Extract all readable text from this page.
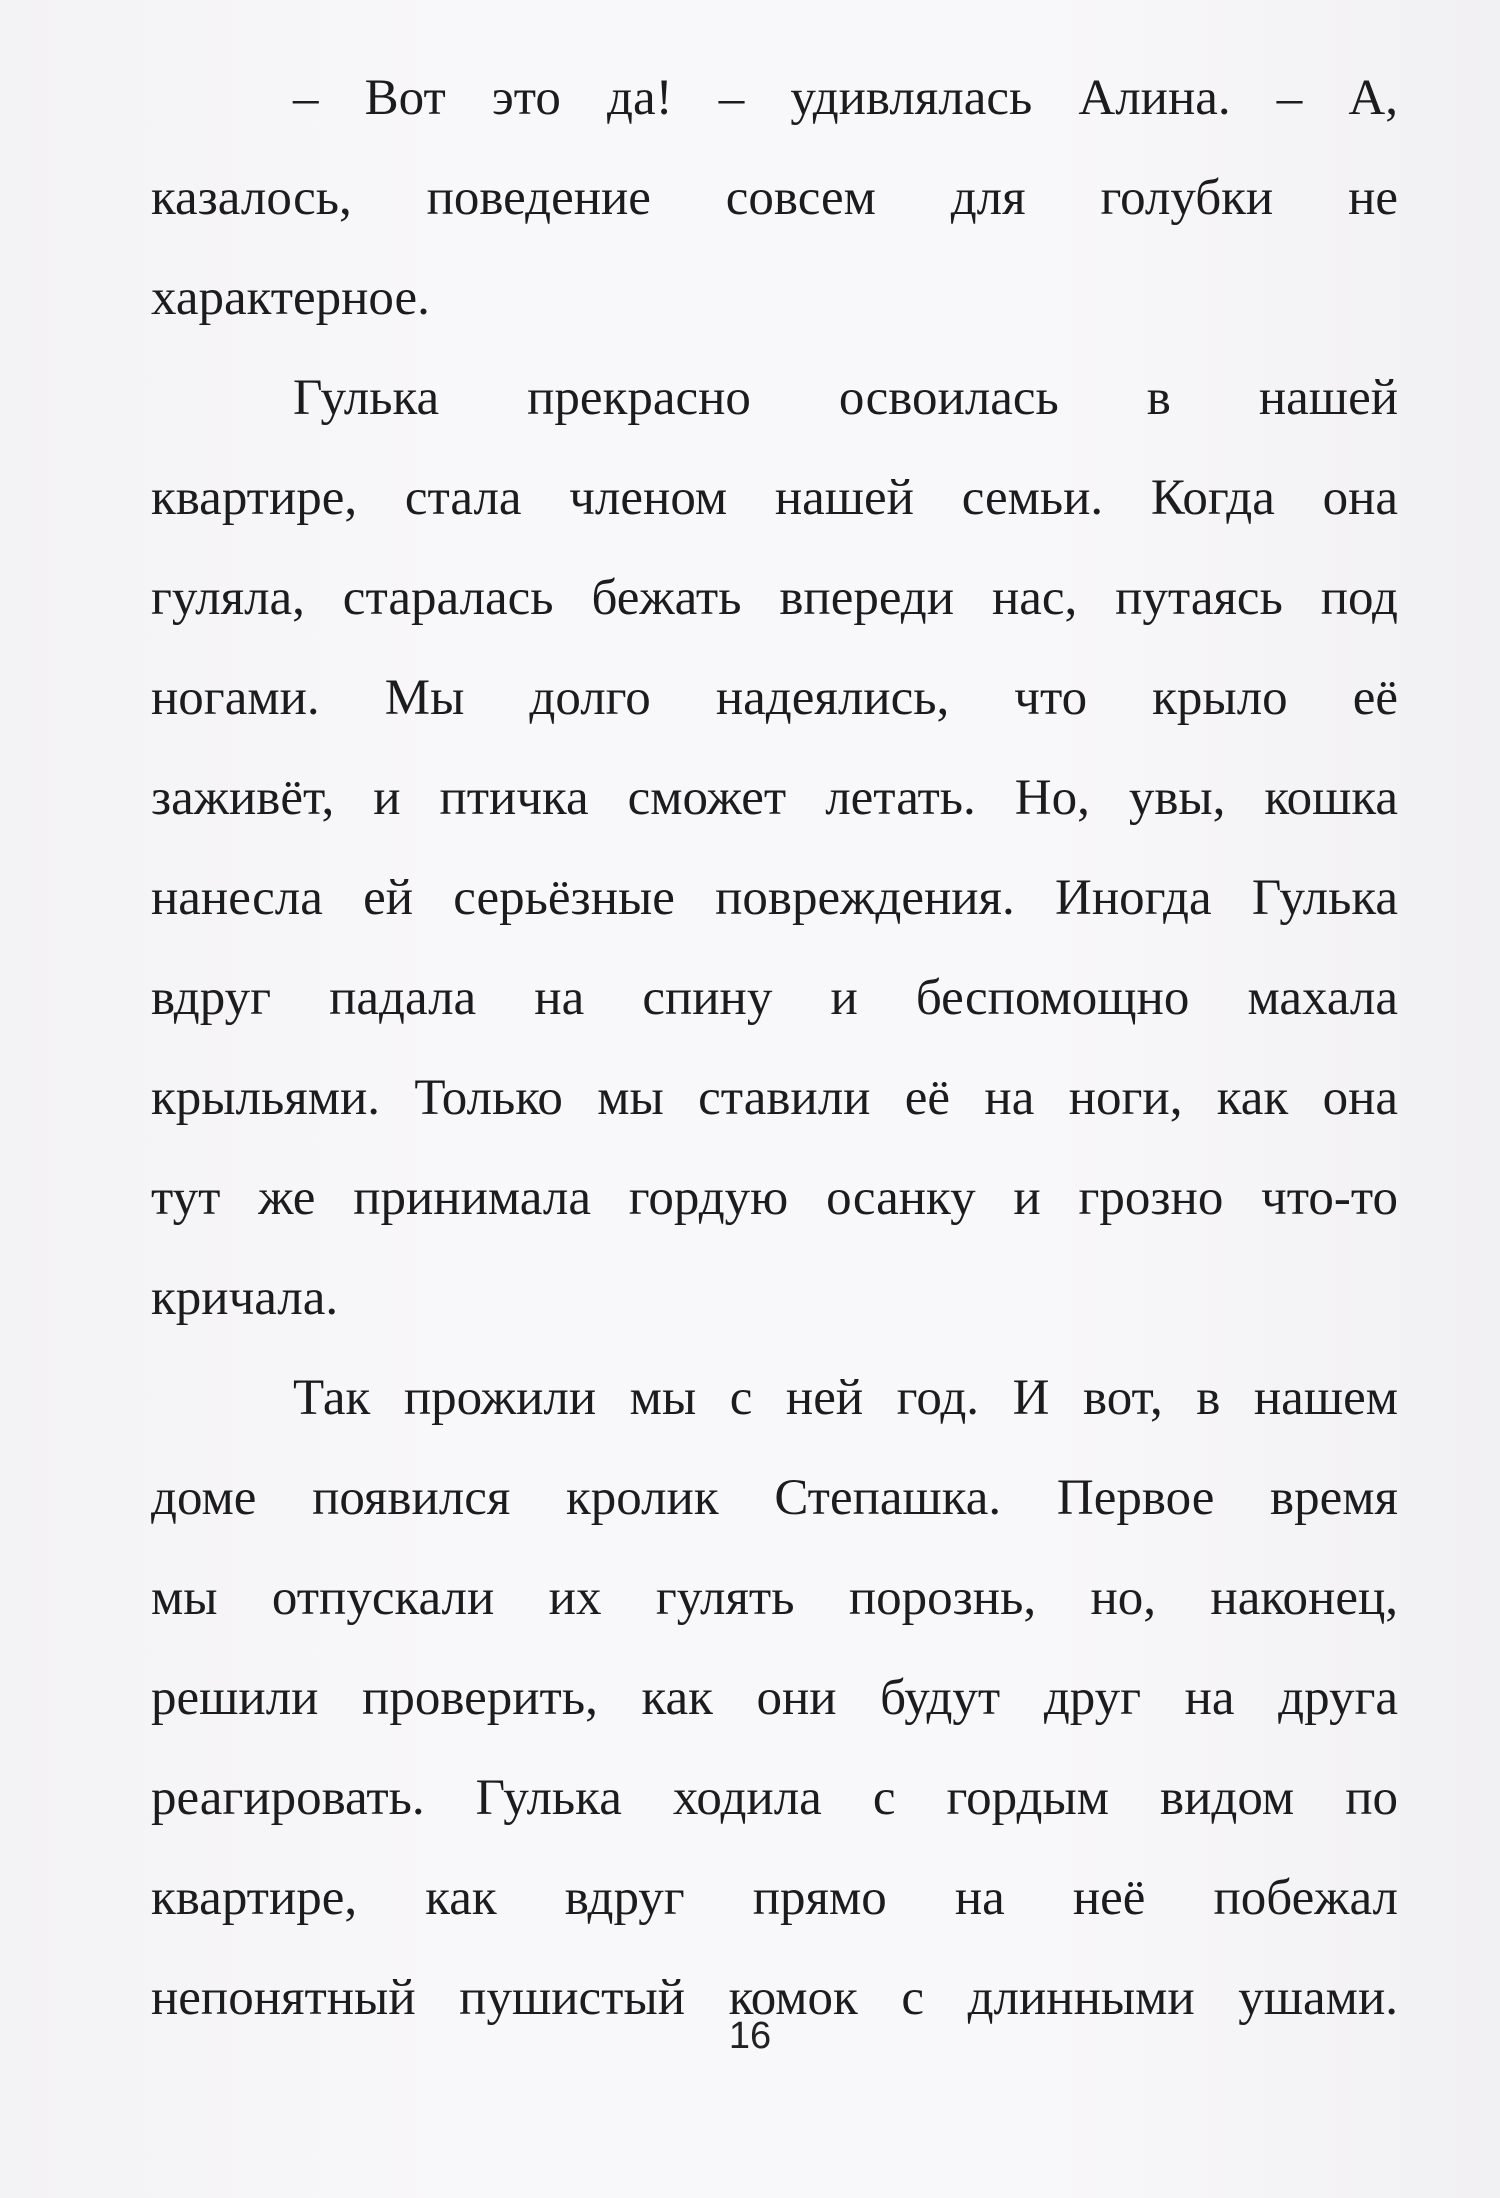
– Вот это да! – удивлялась Алина. – А,
казалось, поведение совсем для голубки не
характерное.
Гулька прекрасно освоилась в нашей
квартире, стала членом нашей семьи. Когда она
гуляла, старалась бежать впереди нас, путаясь под
ногами. Мы долго надеялись, что крыло её
заживёт, и птичка сможет летать. Но, увы, кошка
нанесла ей серьёзные повреждения. Иногда Гулька
вдруг падала на спину и беспомощно махала
крыльями. Только мы ставили её на ноги, как она
тут же принимала гордую осанку и грозно что-то
кричала.
Так прожили мы с ней год. И вот, в нашем
доме появился кролик Степашка. Первое время
мы отпускали их гулять порознь, но, наконец,
решили проверить, как они будут друг на друга
реагировать. Гулька ходила с гордым видом по
квартире, как вдруг прямо на неё побежал
непонятный пушистый комок с длинными ушами.
16
